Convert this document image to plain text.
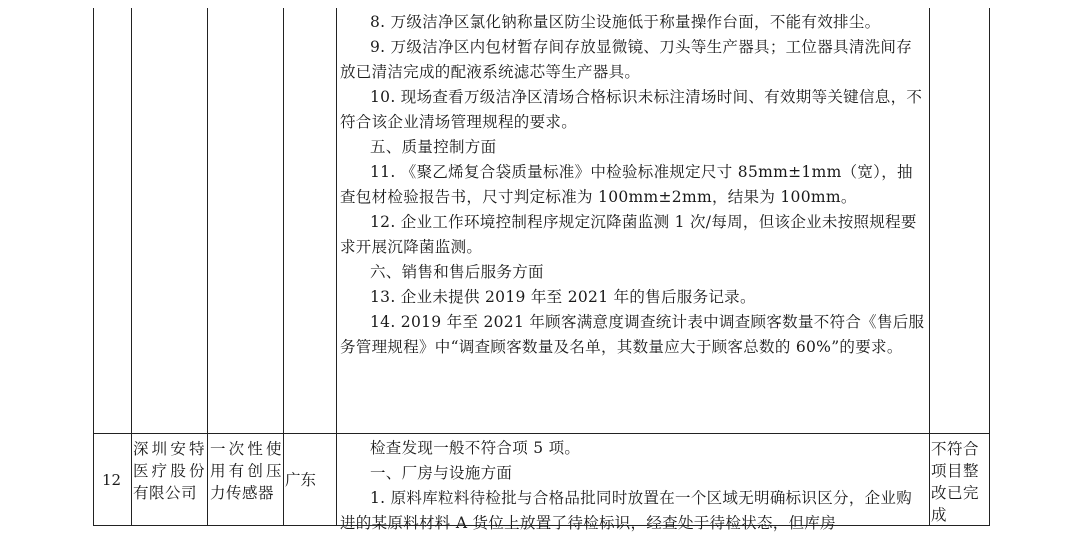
8. 万级洁净区氯化钠称量区防尘设施低于称量操作台面，不能有效排尘。

9. 万级洁净区内包材暂存间存放显微镜、刀头等生产器具；工位器具清洗间存放已清洁完成的配液系统滤芯等生产器具。

10. 现场查看万级洁净区清场合格标识未标注清场时间、有效期等关键信息，不符合该企业清场管理规程的要求。

五、质量控制方面

11. 《聚乙烯复合袋质量标准》中检验标准规定尺寸 85mm±1mm（宽），抽查包材检验报告书，尺寸判定标准为 100mm±2mm，结果为 100mm。

12. 企业工作环境控制程序规定沉降菌监测 1 次/每周，但该企业未按照规程要求开展沉降菌监测。

六、销售和售后服务方面

13. 企业未提供 2019 年至 2021 年的售后服务记录。

14. 2019 年至 2021 年顾客满意度调查统计表中调查顾客数量不符合《售后服务管理规程》中“调查顾客数量及名单，其数量应大于顾客总数的 60%”的要求。

12
深圳安特医疗股份有限公司
一次性使用有创压力传感器
广东

检查发现一般不符合项 5 项。

一、厂房与设施方面

1. 原料库粒料待检批与合格品批同时放置在一个区域无明确标识区分，企业购进的某原料材料 A 货位上放置了待检标识，经查处于待检状态，但库房

不符合项目整改已完成
